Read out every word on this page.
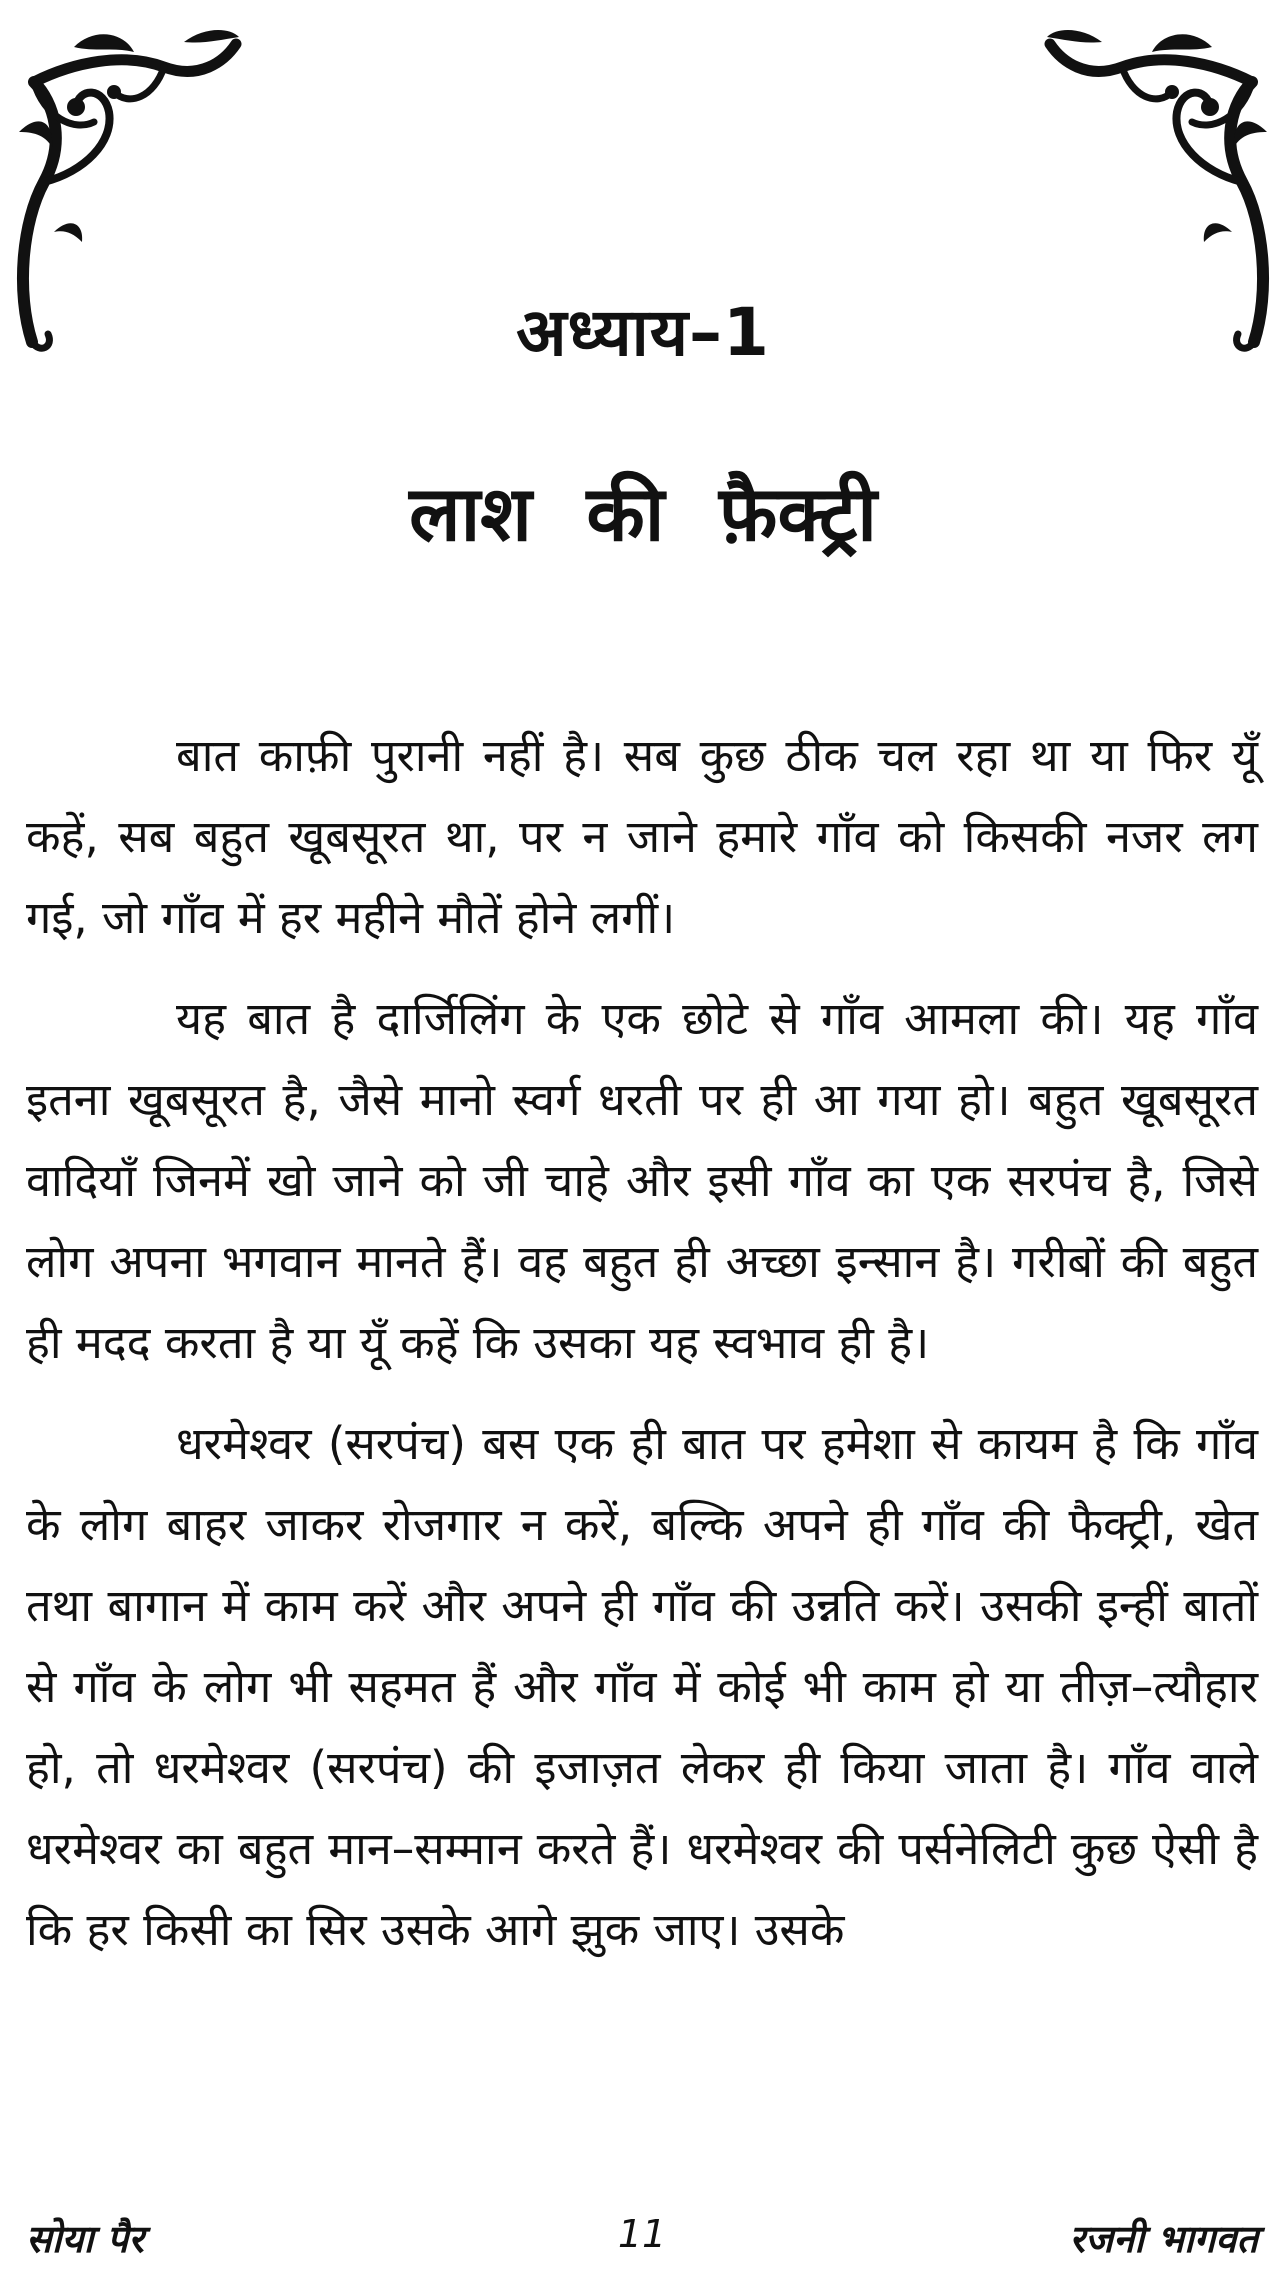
अध्याय–1
लाश की फ़ैक्ट्री

बात काफ़ी पुरानी नहीं है। सब कुछ ठीक चल रहा था या फिर यूँ कहें, सब बहुत खूबसूरत था, पर न जाने हमारे गाँव को किसकी नजर लग गई, जो गाँव में हर महीने मौतें होने लगीं।

यह बात है दार्जिलिंग के एक छोटे से गाँव आमला की। यह गाँव इतना खूबसूरत है, जैसे मानो स्वर्ग धरती पर ही आ गया हो। बहुत खूबसूरत वादियाँ जिनमें खो जाने को जी चाहे और इसी गाँव का एक सरपंच है, जिसे लोग अपना भगवान मानते हैं। वह बहुत ही अच्छा इन्सान है। गरीबों की बहुत ही मदद करता है या यूँ कहें कि उसका यह स्वभाव ही है।

धरमेश्वर (सरपंच) बस एक ही बात पर हमेशा से कायम है कि गाँव के लोग बाहर जाकर रोजगार न करें, बल्कि अपने ही गाँव की फैक्ट्री, खेत तथा बागान में काम करें और अपने ही गाँव की उन्नति करें। उसकी इन्हीं बातों से गाँव के लोग भी सहमत हैं और गाँव में कोई भी काम हो या तीज़–त्यौहार हो, तो धरमेश्वर (सरपंच) की इजाज़त लेकर ही किया जाता है। गाँव वाले धरमेश्वर का बहुत मान–सम्मान करते हैं। धरमेश्वर की पर्सनेलिटी कुछ ऐसी है कि हर किसी का सिर उसके आगे झुक जाए। उसके

11
सोया पैर	रजनी भागवत
